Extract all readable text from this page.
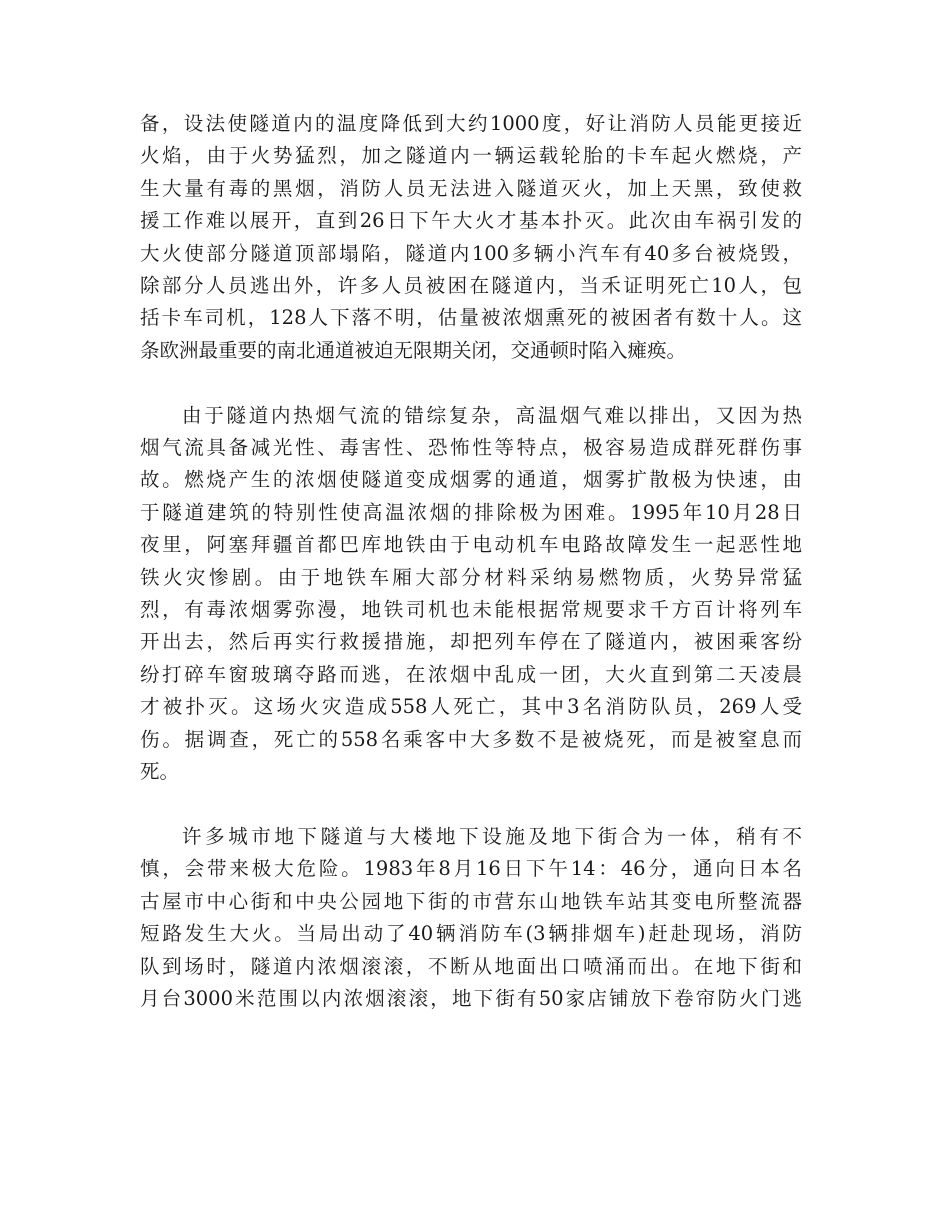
备，设法使隧道内的温度降低到大约1000度，好让消防人员能更接近
火焰，由于火势猛烈，加之隧道内一辆运载轮胎的卡车起火燃烧，产
生大量有毒的黑烟，消防人员无法进入隧道灭火，加上天黑，致使救
援工作难以展开，直到26日下午大火才基本扑灭。此次由车祸引发的
大火使部分隧道顶部塌陷，隧道内100多辆小汽车有40多台被烧毁，
除部分人员逃出外，许多人员被困在隧道内，当禾证明死亡10人，包
括卡车司机，128人下落不明，估量被浓烟熏死的被困者有数十人。这
条欧洲最重要的南北通道被迫无限期关闭，交通顿时陷入瘫痪。
由于隧道内热烟气流的错综复杂，高温烟气难以排出，又因为热
烟气流具备减光性、毒害性、恐怖性等特点，极容易造成群死群伤事
故。燃烧产生的浓烟使隧道变成烟雾的通道，烟雾扩散极为快速，由
于隧道建筑的特别性使高温浓烟的排除极为困难。1995年10月28日
夜里，阿塞拜疆首都巴库地铁由于电动机车电路故障发生一起恶性地
铁火灾惨剧。由于地铁车厢大部分材料采纳易燃物质，火势异常猛
烈，有毒浓烟雾弥漫，地铁司机也未能根据常规要求千方百计将列车
开出去，然后再实行救援措施，却把列车停在了隧道内，被困乘客纷
纷打碎车窗玻璃夺路而逃，在浓烟中乱成一团，大火直到第二天凌晨
才被扑灭。这场火灾造成558人死亡，其中3名消防队员，269人受
伤。据调查，死亡的558名乘客中大多数不是被烧死，而是被窒息而
死。
许多城市地下隧道与大楼地下设施及地下街合为一体，稍有不
慎，会带来极大危险。1983年8月16日下午14：46分，通向日本名
古屋市中心街和中央公园地下街的市营东山地铁车站其变电所整流器
短路发生大火。当局出动了40辆消防车(3辆排烟车)赶赴现场，消防
队到场时，隧道内浓烟滚滚，不断从地面出口喷涌而出。在地下街和
月台3000米范围以内浓烟滚滚，地下街有50家店铺放下卷帘防火门逃
